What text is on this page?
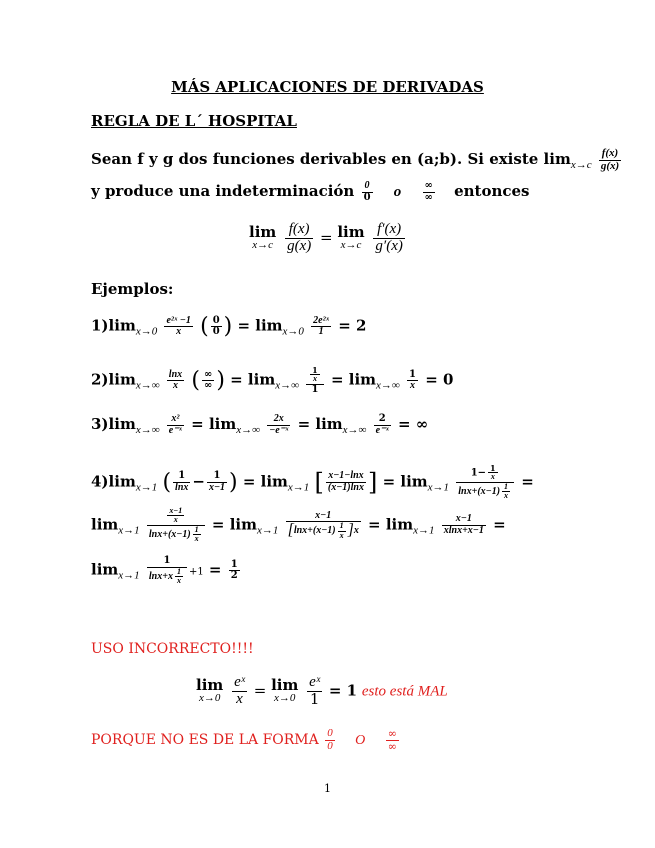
MÁS APLICACIONES DE DERIVADAS
REGLA DE L´ HOSPITAL
Sean f y g dos funciones derivables en (a;b). Si existe $\lim_{x\to c} \frac{f(x)}{g(x)}$
y produce una indeterminación $\frac{0}{0}$ o $\frac{\infty}{\infty}$ entonces
lim
x→c
$\frac{f(x)}{g(x)} = \lim$
x→c
$\frac{f'(x)}{g'(x)}$
Ejemplos:
$1)\lim_{x\to 0} \frac{\text{e²ˣ −1}}{x}$ ( $\frac{0}{0}$ ) = $\lim_{x\to 0} \frac{\text{2e²ˣ}}{1} = 2$
$2)\lim_{x\to\infty} \frac{\ln x}{x}$ ( $\frac{\infty}{\infty}$ ) = $\lim_{x\to\infty} \frac{\frac{1}{x}}{1} = \lim_{x\to\infty} \frac{1}{x} = 0$
$3)\lim_{x\to\infty} \frac{\text{x²}}{\text{e⁻ˣ}} = \lim_{x\to\infty} \frac{2x}{\text{−e⁻ˣ}} = \lim_{x\to\infty} \frac{2}{\text{e⁻ˣ}}$ = ∞
$4)\lim_{x\to 1}$ ( $\frac{1}{\ln x} - \frac{1}{x-1}$ ) = $\lim_{x\to 1}$ [ $\frac{x-1-\ln x}{(x-1)\ln x}$ ] = $\lim_{x\to 1} \frac{1- \frac{1}{x}}{\ln x+(x-1) \frac{1}{x}}$ =
$\lim_{x\to 1} \frac{\frac{x-1}{x}}{\ln x+(x-1) \frac{1}{x}} = \lim_{x\to 1} \frac{x-1}{[\ln x+(x-1) \frac{1}{x} ]x} = \lim_{x\to 1} \frac{x-1}{xlnx+x-1}$ =
$\lim_{x\to 1} \frac{1}{\ln x+x \frac{1}{x}} +1 = \frac{1}{2}$
USO INCORRECTO!!!!
lim
x→0
$\frac{\text{eˣ}}{x} = \lim$
x→0
$\frac{\text{eˣ}}{1} = 1$ esto está MAL
PORQUE NO ES DE LA FORMA $\frac{0}{0}$ O $\frac{\infty}{\infty}$
1
